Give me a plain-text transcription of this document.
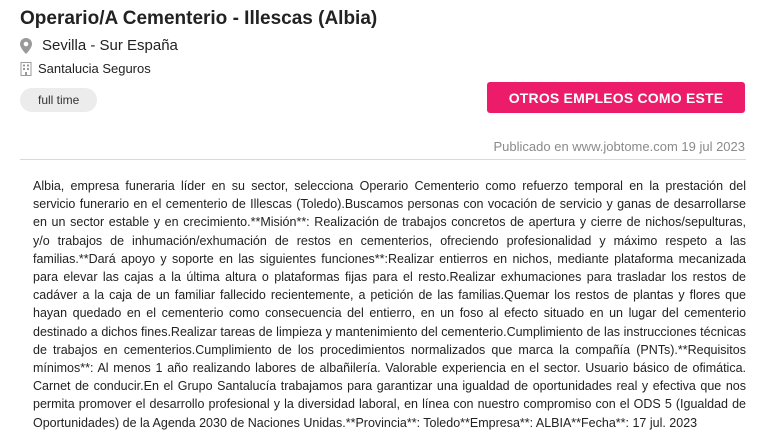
Operario/A Cementerio - Illescas (Albia)
Sevilla - Sur España
Santalucia Seguros
full time	OTROS EMPLEOS COMO ESTE
Publicado en www.jobtome.com 19 jul 2023
Albia, empresa funeraria líder en su sector, selecciona Operario Cementerio como refuerzo temporal en la prestación del servicio funerario en el cementerio de Illescas (Toledo).Buscamos personas con vocación de servicio y ganas de desarrollarse en un sector estable y en crecimiento.**Misión**: Realización de trabajos concretos de apertura y cierre de nichos/sepulturas, y/o trabajos de inhumación/exhumación de restos en cementerios, ofreciendo profesionalidad y máximo respeto a las familias.**Dará apoyo y soporte en las siguientes funciones**:Realizar entierros en nichos, mediante plataforma mecanizada para elevar las cajas a la última altura o plataformas fijas para el resto.Realizar exhumaciones para trasladar los restos de cadáver a la caja de un familiar fallecido recientemente, a petición de las familias.Quemar los restos de plantas y flores que hayan quedado en el cementerio como consecuencia del entierro, en un foso al efecto situado en un lugar del cementerio destinado a dichos fines.Realizar tareas de limpieza y mantenimiento del cementerio.Cumplimiento de las instrucciones técnicas de trabajos en cementerios.Cumplimiento de los procedimientos normalizados que marca la compañía (PNTs).**Requisitos mínimos**: Al menos 1 año realizando labores de albañilería. Valorable experiencia en el sector. Usuario básico de ofimática. Carnet de conducir.En el Grupo Santalucía trabajamos para garantizar una igualdad de oportunidades real y efectiva que nos permita promover el desarrollo profesional y la diversidad laboral, en línea con nuestro compromiso con el ODS 5 (Igualdad de Oportunidades) de la Agenda 2030 de Naciones Unidas.**Provincia**: Toledo**Empresa**: ALBIA**Fecha**: 17 jul. 2023
